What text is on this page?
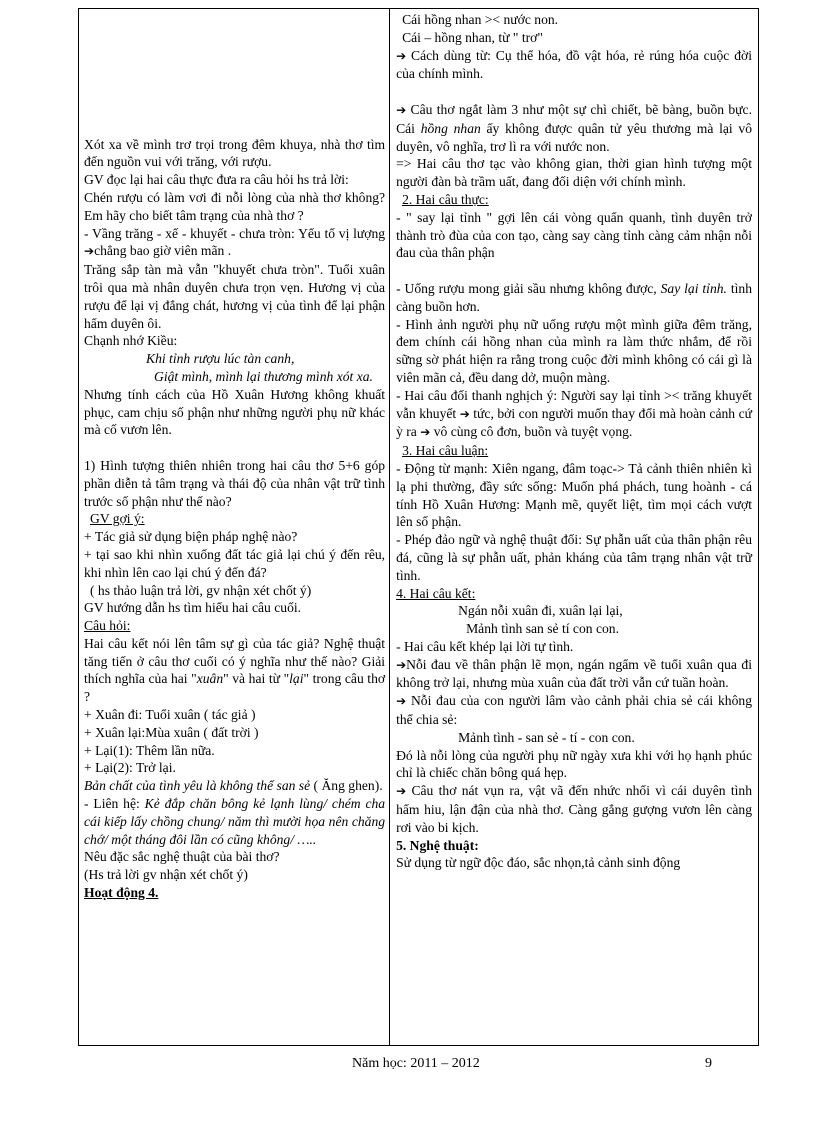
Xót xa về mình trơ trọi trong đêm khuya, nhà thơ tìm đến nguồn vui với trăng, với rượu.

GV đọc lại hai câu thực đưa ra câu hỏi hs trả lời:

Chén rượu có làm vơi đi nỗi lòng của nhà thơ không? Em hãy cho biết tâm trạng của nhà thơ ?

- Vầng trăng - xế - khuyết - chưa tròn: Yếu tố vị lượng ➔chẳng bao giờ viên mãn .

Trăng sắp tàn mà vẫn "khuyết chưa tròn". Tuổi xuân trôi qua mà nhân duyên chưa trọn vẹn. Hương vị của rượu để lại vị đắng chát, hương vị của tình để lại phận hẩm duyên ôi.

Chạnh nhớ Kiều:

Khi tỉnh rượu lúc tàn canh,

Giật mình, mình lại thương mình xót xa.

Nhưng tính cách của Hồ Xuân Hương không khuất phục, cam chịu số phận như những người phụ nữ khác mà cố vươn lên.

1) Hình tượng thiên nhiên trong hai câu thơ 5+6 góp phần diễn tả tâm trạng và thái độ của nhân vật trữ tình trước số phận như thế nào?

GV gợi ý:

+ Tác giả sử dụng biện pháp nghệ nào?

+ tại sao khi nhìn xuống đất tác giả lại chú ý đến rêu, khi nhìn lên cao lại chú ý đến đá?

( hs thảo luận trả lời, gv nhận xét chốt ý)

GV hướng dẫn hs tìm hiểu hai câu cuối.

Câu hỏi:

Hai câu kết nói lên tâm sự gì của tác giả? Nghệ thuật tăng tiến ở câu thơ cuối có ý nghĩa như thế nào? Giải thích nghĩa của hai "xuân" và hai từ "lại" trong câu thơ ?

+ Xuân đi: Tuổi xuân ( tác giả )

+ Xuân lại:Mùa xuân ( đất trời )

+ Lại(1): Thêm lần nữa.

+ Lại(2): Trở lại.

Bản chất của tình yêu là không thể san sẻ ( Ăng ghen).

- Liên hệ: Kẻ đắp chăn bông kẻ lạnh lùng/ chém cha cái kiếp lấy chồng chung/ năm thì mười họa nên chăng chớ/ một tháng đôi lần có cũng không/ …..

Nêu đặc sắc nghệ thuật của bài thơ?

(Hs trả lời gv nhận xét chốt ý)

Hoạt động 4.

Cái hồng nhan >< nước non.

Cái – hồng nhan, từ " trơ"

➔ Cách dùng từ: Cụ thể hóa, đồ vật hóa, rẻ rúng hóa cuộc đời của chính mình.

➔ Câu thơ ngắt làm 3 như một sự chì chiết, bẽ bàng, buồn bực. Cái hồng nhan ấy không được quân tử yêu thương mà lại vô duyên, vô nghĩa, trơ lì ra với nước non.

=> Hai câu thơ tạc vào không gian, thời gian hình tượng một người đàn bà trầm uất, đang đối diện với chính mình.

2. Hai câu thực:

- " say lại tỉnh " gợi lên cái vòng quẩn quanh, tình duyên trở thành trò đùa của con tạo, càng say càng tỉnh càng cảm nhận nỗi đau của thân phận

- Uống rượu mong giải sầu nhưng không được, Say lại tỉnh. tình càng buồn hơn.

- Hình ảnh người phụ nữ uống rượu một mình giữa đêm trăng, đem chính cái hồng nhan của mình ra làm thức nhắm, để rồi sững sờ phát hiện ra rằng trong cuộc đời mình không có cái gì là viên mãn cả, đều dang dở, muộn màng.

- Hai câu đối thanh nghịch ý: Người say lại tỉnh >< trăng khuyết vẫn khuyết ➔ tức, bởi con người muốn thay đổi mà hoàn cảnh cứ ỳ ra ➔ vô cùng cô đơn, buồn và tuyệt vọng.

3. Hai câu luận:

- Động từ mạnh: Xiên ngang, đâm toạc-> Tả cảnh thiên nhiên kì lạ phi thường, đầy sức sống: Muốn phá phách, tung hoành - cá tính Hồ Xuân Hương: Mạnh mẽ, quyết liệt, tìm mọi cách vượt lên số phận.

- Phép đảo ngữ và nghệ thuật đối: Sự phẫn uất của thân phận rêu đá, cũng là sự phẫn uất, phản kháng của tâm trạng nhân vật trữ tình.

4. Hai câu kết:

Ngán nỗi xuân đi, xuân lại lại,

Mảnh tình san sẻ tí con con.

- Hai câu kết khép lại lời tự tình.

➔Nỗi đau về thân phận lẽ mọn, ngán ngẩm về tuổi xuân qua đi không trở lại, nhưng mùa xuân của đất trời vẫn cứ tuần hoàn.

➔ Nỗi đau của con người lâm vào cảnh phải chia sẻ cái không thể chia sẻ:

Mảnh tình - san sẻ - tí - con con.

Đó là nỗi lòng của người phụ nữ ngày xưa khi với họ hạnh phúc chỉ là chiếc chăn bông quá hẹp.

➔ Câu thơ nát vụn ra, vật vã đến nhức nhối vì cái duyên tình hẩm hiu, lận đận của nhà thơ. Càng gắng gượng vươn lên càng rơi vào bi kịch.

5. Nghệ thuật:

Sử dụng từ ngữ độc đáo, sắc nhọn,tả cảnh sinh động

Năm học: 2011 – 2012	9
